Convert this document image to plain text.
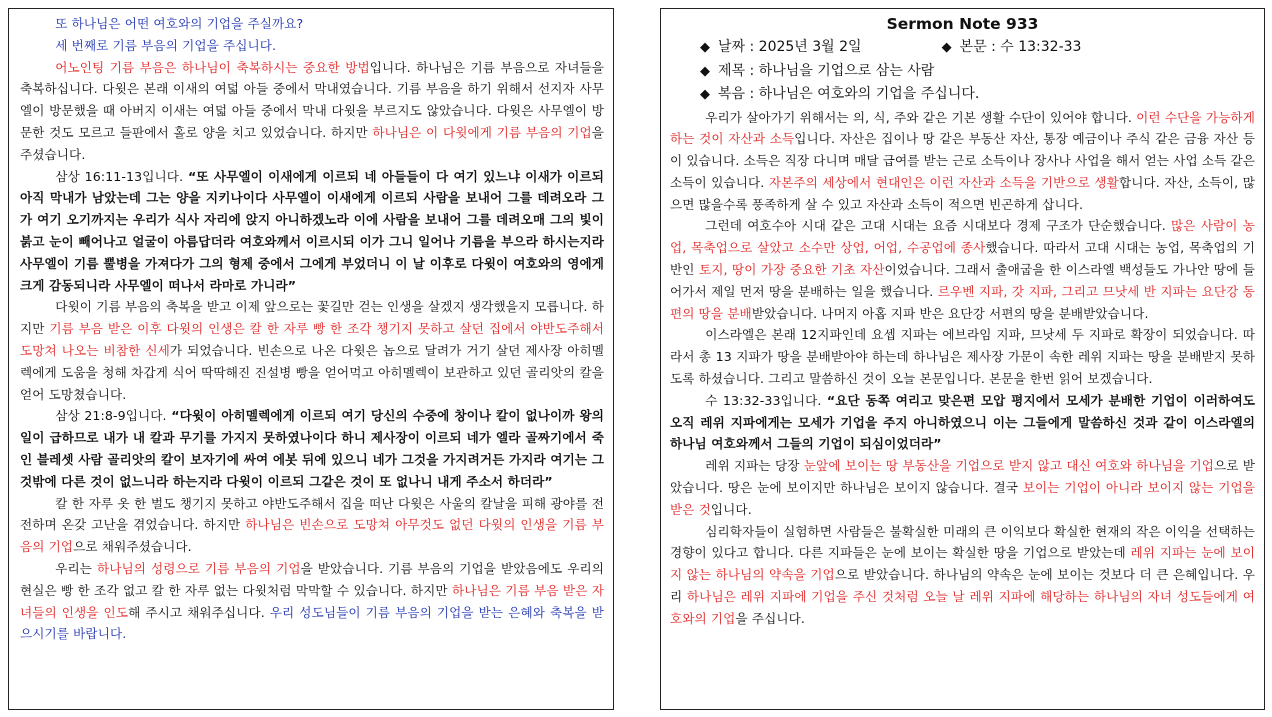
또 하나님은 어떤 여호와의 기업을 주실까요?

세 번째로 기름 부음의 기업을 주십니다.

어노인팅 기름 부음은 하나님이 축복하시는 중요한 방법입니다. 하나님은 기름 부음으로 자녀들을 축복하십니다. 다윗은 본래 이새의 여덟 아들 중에서 막내였습니다. 기름 부음을 하기 위해서 선지자 사무엘이 방문했을 때 아버지 이새는 여덟 아들 중에서 막내 다윗을 부르지도 않았습니다. 다윗은 사무엘이 방문한 것도 모르고 들판에서 홀로 양을 치고 있었습니다. 하지만 하나님은 이 다윗에게 기름 부음의 기업을 주셨습니다.

삼상 16:11-13입니다. “또 사무엘이 이새에게 이르되 네 아들들이 다 여기 있느냐 이새가 이르되 아직 막내가 남았는데 그는 양을 지키나이다 사무엘이 이새에게 이르되 사람을 보내어 그를 데려오라 그가 여기 오기까지는 우리가 식사 자리에 앉지 아니하겠노라 이에 사람을 보내어 그를 데려오매 그의 빛이 붉고 눈이 빼어나고 얼굴이 아름답더라 여호와께서 이르시되 이가 그니 일어나 기름을 부으라 하시는지라 사무엘이 기름 뿔병을 가져다가 그의 형제 중에서 그에게 부었더니 이 날 이후로 다윗이 여호와의 영에게 크게 감동되니라 사무엘이 떠나서 라마로 가니라”

다윗이 기름 부음의 축복을 받고 이제 앞으로는 꽃길만 걷는 인생을 살겠지 생각했을지 모릅니다. 하지만 기름 부음 받은 이후 다윗의 인생은 칼 한 자루 빵 한 조각 챙기지 못하고 살던 집에서 야반도주해서 도망쳐 나오는 비참한 신세가 되었습니다. 빈손으로 나온 다윗은 놉으로 달려가 거기 살던 제사장 아히멜렉에게 도움을 청해 차갑게 식어 딱딱해진 진설병 빵을 얻어먹고 아히멜렉이 보관하고 있던 골리앗의 칼을 얻어 도망쳤습니다.

삼상 21:8-9입니다. “다윗이 아히멜렉에게 이르되 여기 당신의 수중에 창이나 칼이 없나이까 왕의 일이 급하므로 내가 내 칼과 무기를 가지지 못하였나이다 하니 제사장이 이르되 네가 엘라 골짜기에서 죽인 블레셋 사람 골리앗의 칼이 보자기에 싸여 에봇 뒤에 있으니 네가 그것을 가지려거든 가지라 여기는 그것밖에 다른 것이 없느니라 하는지라 다윗이 이르되 그같은 것이 또 없나니 내게 주소서 하더라”

칼 한 자루 옷 한 벌도 챙기지 못하고 야반도주해서 집을 떠난 다윗은 사울의 칼날을 피해 광야를 전전하며 온갖 고난을 겪었습니다. 하지만 하나님은 빈손으로 도망쳐 아무것도 없던 다윗의 인생을 기름 부음의 기업으로 채워주셨습니다.

우리는 하나님의 성령으로 기름 부음의 기업을 받았습니다. 기름 부음의 기업을 받았음에도 우리의 현실은 빵 한 조각 없고 칼 한 자루 없는 다윗처럼 막막할 수 있습니다. 하지만 하나님은 기름 부음 받은 자녀들의 인생을 인도해 주시고 채워주십니다. 우리 성도님들이 기름 부음의 기업을 받는 은혜와 축복을 받으시기를 바랍니다.

Sermon Note 933

◆ 날짜 : 2025년 3월 2일	◆ 본문 : 수 13:32-33

◆ 제목 : 하나님을 기업으로 삼는 사람

◆ 복음 : 하나님은 여호와의 기업을 주십니다.

우리가 살아가기 위해서는 의, 식, 주와 같은 기본 생활 수단이 있어야 합니다. 이런 수단을 가능하게 하는 것이 자산과 소득입니다. 자산은 집이나 땅 같은 부동산 자산, 통장 예금이나 주식 같은 금융 자산 등이 있습니다. 소득은 직장 다니며 매달 급여를 받는 근로 소득이나 장사나 사업을 해서 얻는 사업 소득 같은 소득이 있습니다. 자본주의 세상에서 현대인은 이런 자산과 소득을 기반으로 생활합니다. 자산, 소득이, 많으면 많을수록 풍족하게 살 수 있고 자산과 소득이 적으면 빈곤하게 삽니다.

그런데 여호수아 시대 같은 고대 시대는 요즘 시대보다 경제 구조가 단순했습니다. 많은 사람이 농업, 목축업으로 살았고 소수만 상업, 어업, 수공업에 종사했습니다. 따라서 고대 시대는 농업, 목축업의 기반인 토지, 땅이 가장 중요한 기초 자산이었습니다. 그래서 출애굽을 한 이스라엘 백성들도 가나안 땅에 들어가서 제일 먼저 땅을 분배하는 일을 했습니다. 르우벤 지파, 갓 지파, 그리고 므낫세 반 지파는 요단강 동편의 땅을 분배받았습니다. 나머지 아홉 지파 반은 요단강 서편의 땅을 분배받았습니다.

이스라엘은 본래 12지파인데 요셉 지파는 에브라임 지파, 므낫세 두 지파로 확장이 되었습니다. 따라서 총 13 지파가 땅을 분배받아야 하는데 하나님은 제사장 가문이 속한 레위 지파는 땅을 분배받지 못하도록 하셨습니다. 그리고 말씀하신 것이 오늘 본문입니다. 본문을 한번 읽어 보겠습니다.

수 13:32-33입니다. “요단 동쪽 여리고 맞은편 모압 평지에서 모세가 분배한 기업이 이러하여도 오직 레위 지파에게는 모세가 기업을 주지 아니하였으니 이는 그들에게 말씀하신 것과 같이 이스라엘의 하나님 여호와께서 그들의 기업이 되심이었더라”

레위 지파는 당장 눈앞에 보이는 땅 부동산을 기업으로 받지 않고 대신 여호와 하나님을 기업으로 받았습니다. 땅은 눈에 보이지만 하나님은 보이지 않습니다. 결국 보이는 기업이 아니라 보이지 않는 기업을 받은 것입니다.

심리학자들이 실험하면 사람들은 불확실한 미래의 큰 이익보다 확실한 현재의 작은 이익을 선택하는 경향이 있다고 합니다. 다른 지파들은 눈에 보이는 확실한 땅을 기업으로 받았는데 레위 지파는 눈에 보이지 않는 하나님의 약속을 기업으로 받았습니다. 하나님의 약속은 눈에 보이는 것보다 더 큰 은혜입니다. 우리 하나님은 레위 지파에 기업을 주신 것처럼 오늘 날 레위 지파에 해당하는 하나님의 자녀 성도들에게 여호와의 기업을 주십니다.
